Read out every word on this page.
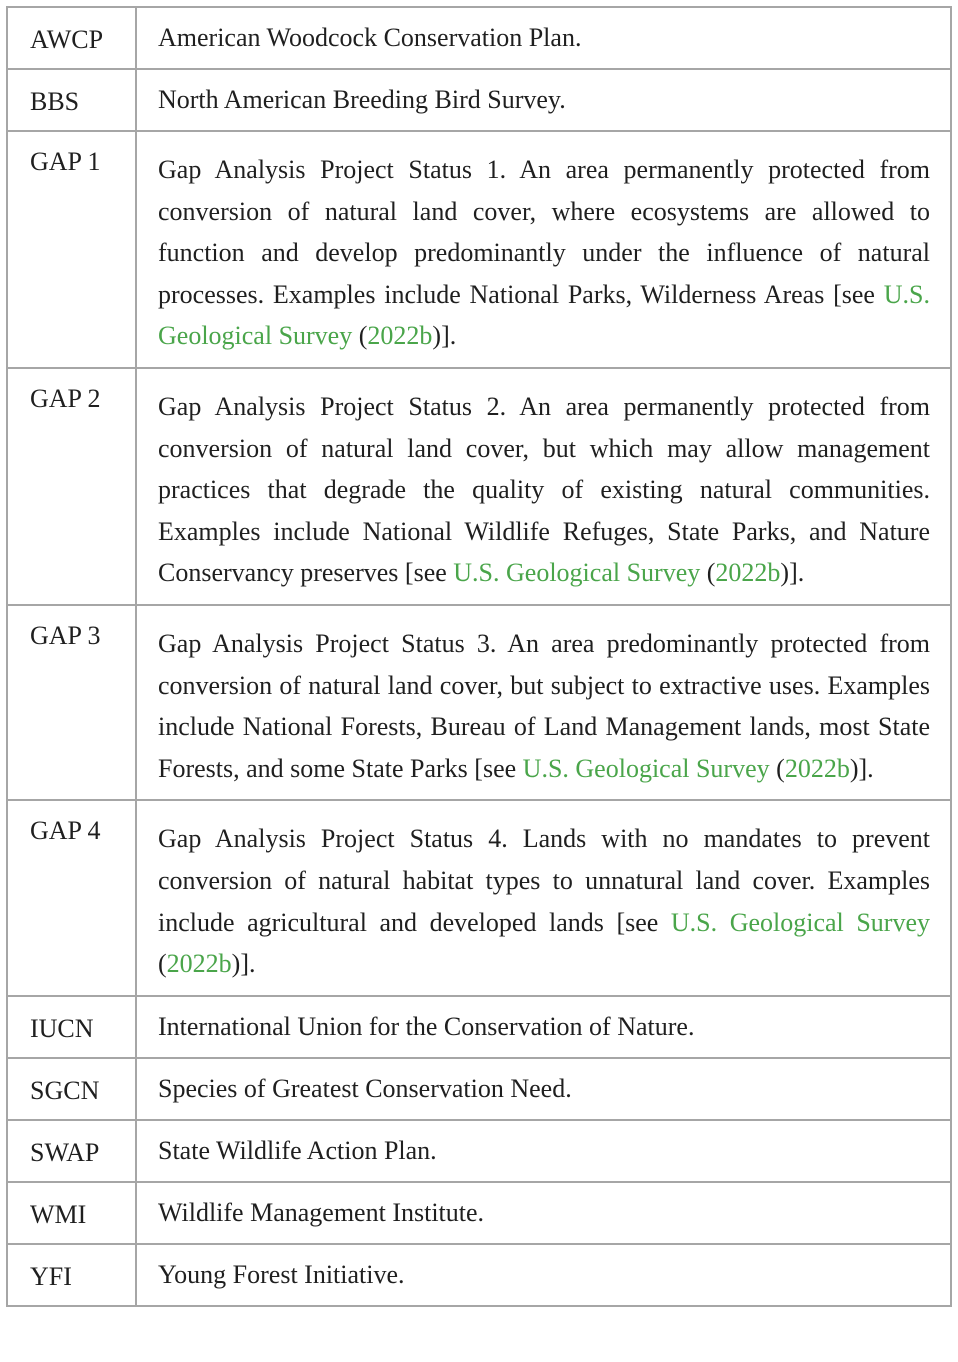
AWCP	American Woodcock Conservation Plan.
BBS	North American Breeding Bird Survey.
GAP 1	Gap Analysis Project Status 1. An area permanently protected from conversion of natural land cover, where ecosystems are allowed to function and develop predominantly under the influence of natural processes. Examples include National Parks, Wilderness Areas [see U.S. Geological Survey (2022b)].
GAP 2	Gap Analysis Project Status 2. An area permanently protected from conversion of natural land cover, but which may allow management practices that degrade the quality of existing natural communities. Examples include National Wildlife Refuges, State Parks, and Nature Conservancy preserves [see U.S. Geological Survey (2022b)].
GAP 3	Gap Analysis Project Status 3. An area predominantly protected from conversion of natural land cover, but subject to extractive uses. Examples include National Forests, Bureau of Land Management lands, most State Forests, and some State Parks [see U.S. Geological Survey (2022b)].
GAP 4	Gap Analysis Project Status 4. Lands with no mandates to prevent conversion of natural habitat types to unnatural land cover. Examples include agricultural and developed lands [see U.S. Geological Survey (2022b)].
IUCN	International Union for the Conservation of Nature.
SGCN	Species of Greatest Conservation Need.
SWAP	State Wildlife Action Plan.
WMI	Wildlife Management Institute.
YFI	Young Forest Initiative.
